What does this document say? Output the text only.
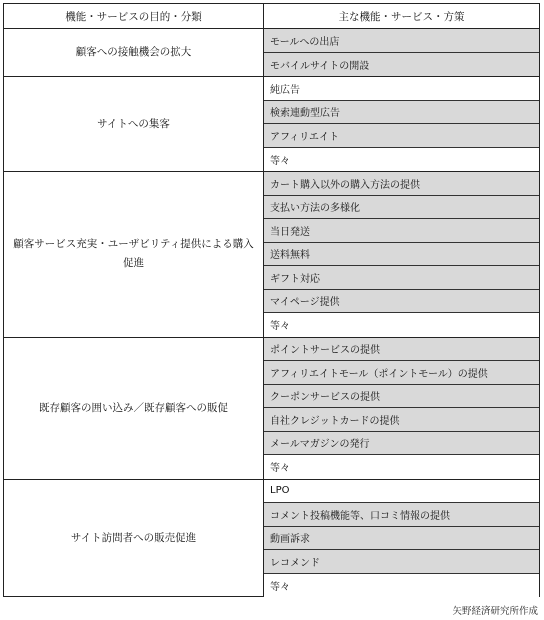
機能・サービスの目的・分類	主な機能・サービス・方策
顧客への接触機会の拡大
モールへの出店
モバイルサイトの開設
サイトへの集客
純広告
検索連動型広告
アフィリエイト
等々
顧客サービス充実・ユーザビリティ提供による購入促進
カート購入以外の購入方法の提供
支払い方法の多様化
当日発送
送料無料
ギフト対応
マイページ提供
等々
既存顧客の囲い込み／既存顧客への販促
ポイントサービスの提供
アフィリエイトモール（ポイントモール）の提供
クーポンサービスの提供
自社クレジットカードの提供
メールマガジンの発行
等々
サイト訪問者への販売促進
LPO
コメント投稿機能等、口コミ情報の提供
動画訴求
レコメンド
等々
矢野経済研究所作成
